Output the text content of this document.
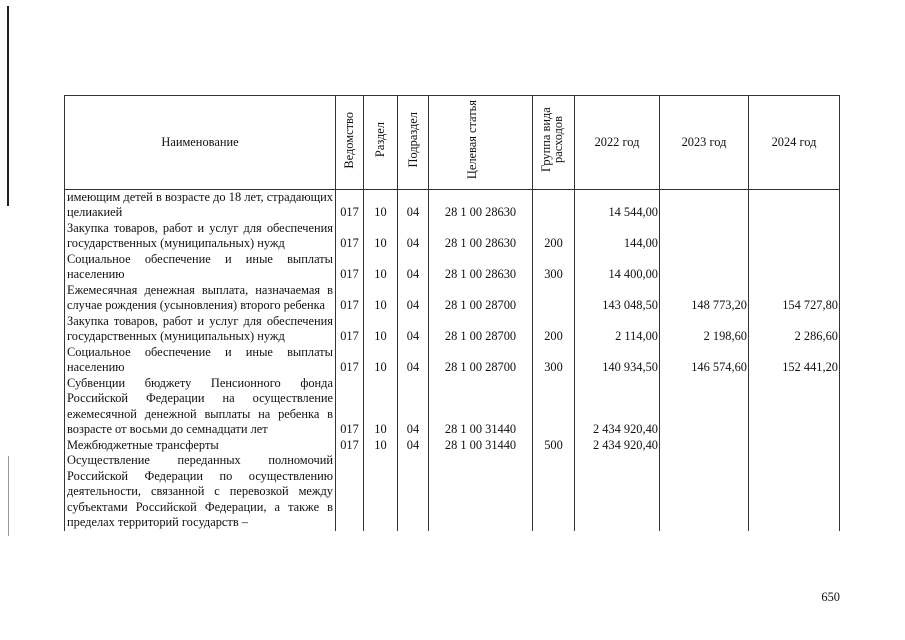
Наименование	Ведомство	Раздел	Подраздел	Целевая статья	Группа вида расходов	2022 год	2023 год	2024 год
имеющим детей в возрасте до 18 лет, страдающих целиакией	017	10	04	28 1 00 28630		14 544,00		
Закупка товаров, работ и услуг для обеспечения государственных (муниципальных) нужд	017	10	04	28 1 00 28630	200	144,00		
Социальное обеспечение и иные выплаты населению	017	10	04	28 1 00 28630	300	14 400,00		
Ежемесячная денежная выплата, назначаемая в случае рождения (усыновления) второго ребенка	017	10	04	28 1 00 28700		143 048,50	148 773,20	154 727,80
Закупка товаров, работ и услуг для обеспечения государственных (муниципальных) нужд	017	10	04	28 1 00 28700	200	2 114,00	2 198,60	2 286,60
Социальное обеспечение и иные выплаты населению	017	10	04	28 1 00 28700	300	140 934,50	146 574,60	152 441,20
Субвенции бюджету Пенсионного фонда Российской Федерации на осуществление ежемесячной денежной выплаты на ребенка в возрасте от восьми до семнадцати лет	017	10	04	28 1 00 31440		2 434 920,40		
Межбюджетные трансферты	017	10	04	28 1 00 31440	500	2 434 920,40		
Осуществление переданных полномочий Российской Федерации по осуществлению деятельности, связанной с перевозкой между субъектами Российской Федерации, а также в пределах территорий государств –								
650
